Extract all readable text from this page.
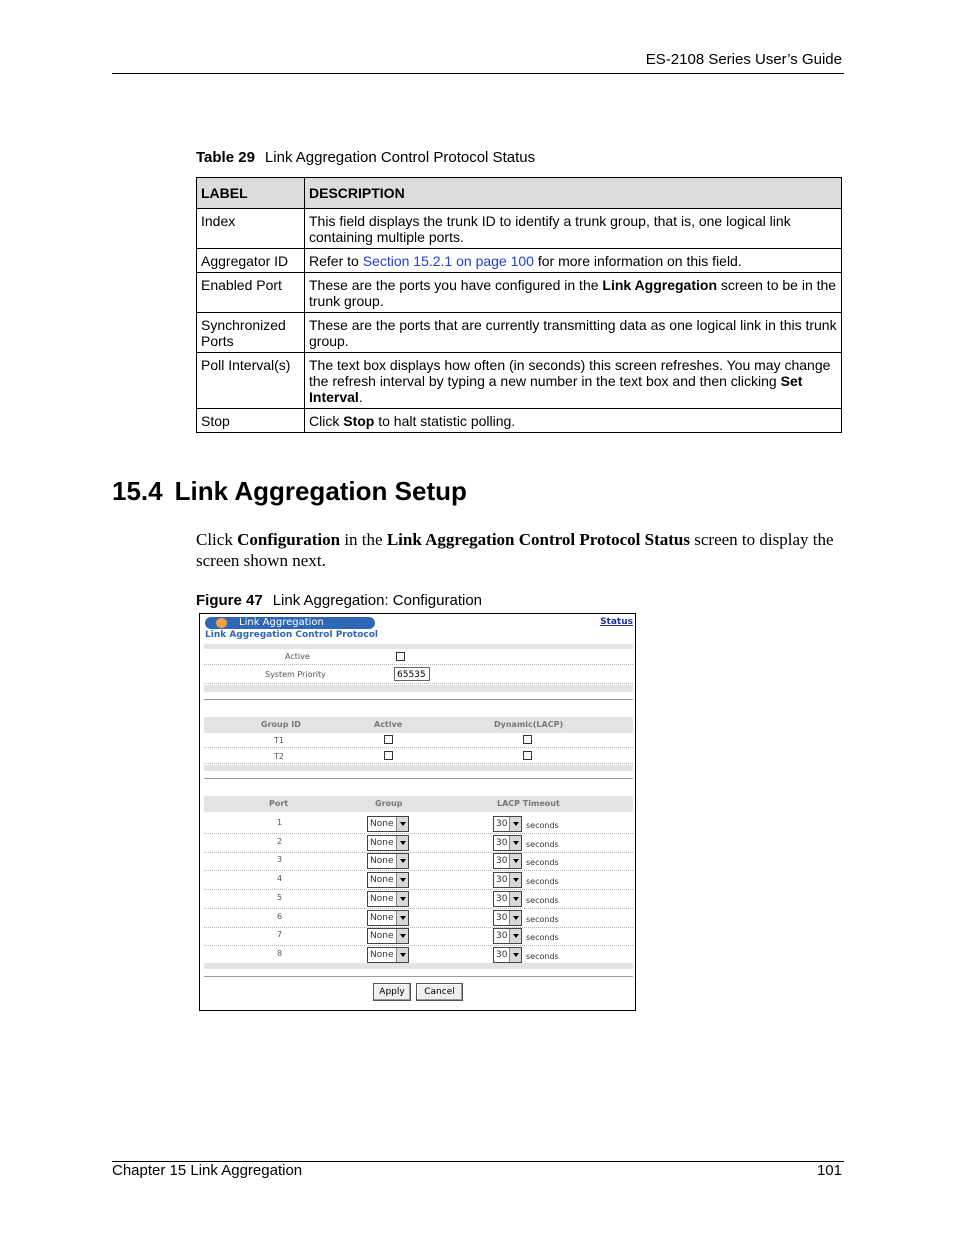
ES-2108 Series User’s Guide
Table 29 Link Aggregation Control Protocol Status
LABEL	DESCRIPTION
Index	This field displays the trunk ID to identify a trunk group, that is, one logical link containing multiple ports.
Aggregator ID	Refer to Section 15.2.1 on page 100 for more information on this field.
Enabled Port	These are the ports you have configured in the Link Aggregation screen to be in the trunk group.
Synchronized Ports	These are the ports that are currently transmitting data as one logical link in this trunk group.
Poll Interval(s)	The text box displays how often (in seconds) this screen refreshes. You may change the refresh interval by typing a new number in the text box and then clicking Set Interval.
Stop	Click Stop to halt statistic polling.
15.4 Link Aggregation Setup
Click Configuration in the Link Aggregation Control Protocol Status screen to display the screen shown next.
Figure 47 Link Aggregation: Configuration
Link Aggregation
Link Aggregation Control Protocol
Status
Active
System Priority	65535
Group ID	Active	Dynamic(LACP)
T1
T2
Port	Group	LACP Timeout
1	None	30 seconds
2	None	30 seconds
3	None	30 seconds
4	None	30 seconds
5	None	30 seconds
6	None	30 seconds
7	None	30 seconds
8	None	30 seconds
Apply	Cancel
Chapter 15 Link Aggregation	101
